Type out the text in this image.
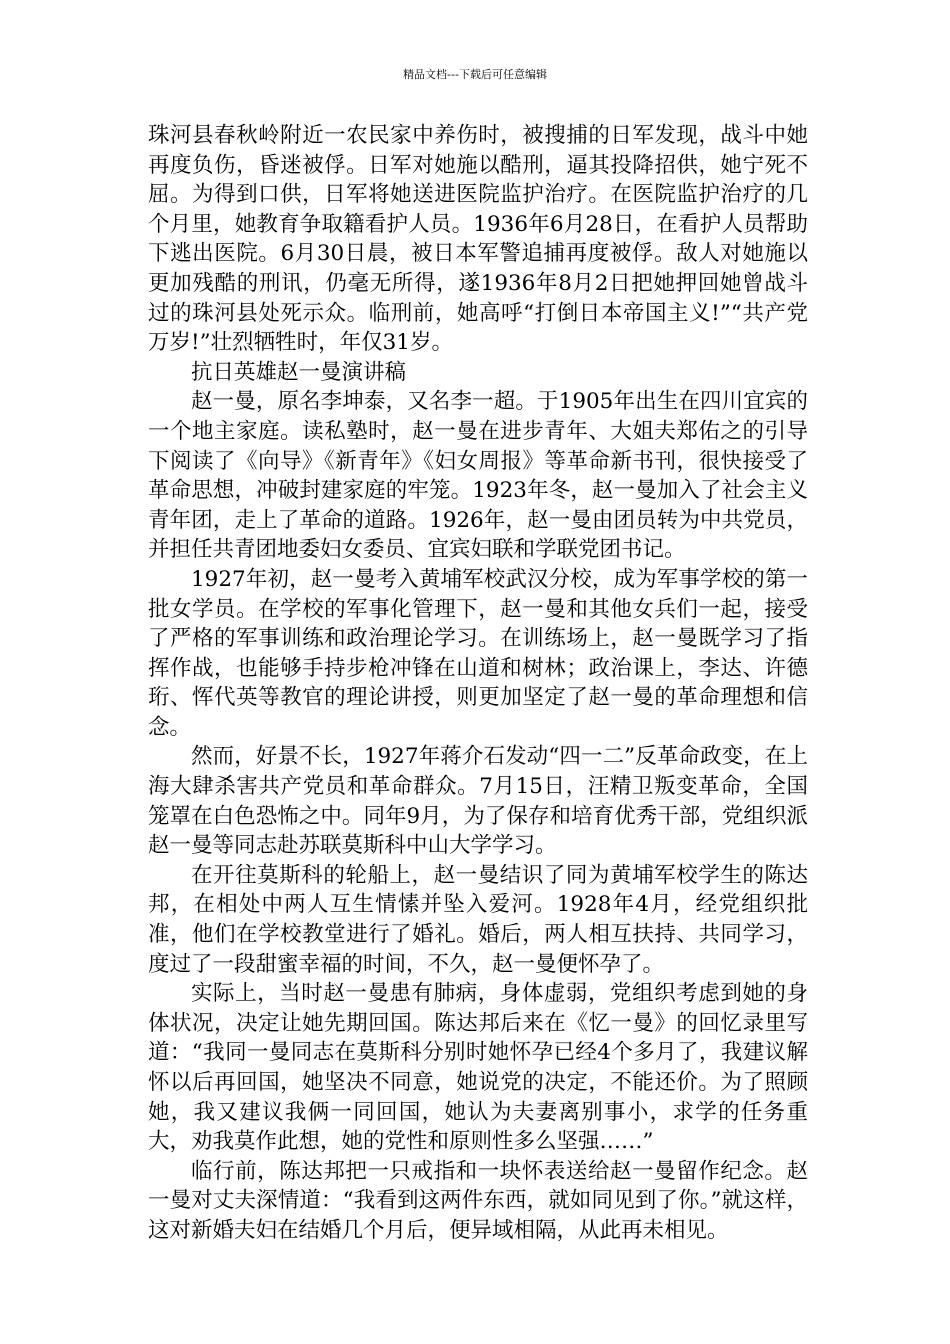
精品文档---下载后可任意编辑

珠河县春秋岭附近一农民家中养伤时，被搜捕的日军发现，战斗中她再度负伤，昏迷被俘。日军对她施以酷刑，逼其投降招供，她宁死不屈。为得到口供，日军将她送进医院监护治疗。在医院监护治疗的几个月里，她教育争取籍看护人员。1936年6月28日，在看护人员帮助下逃出医院。6月30日晨，被日本军警追捕再度被俘。敌人对她施以更加残酷的刑讯，仍毫无所得，遂1936年8月2日把她押回她曾战斗过的珠河县处死示众。临刑前，她高呼“打倒日本帝国主义!”“共产党万岁!”壮烈牺牲时，年仅31岁。

抗日英雄赵一曼演讲稿

赵一曼，原名李坤泰，又名李一超。于1905年出生在四川宜宾的一个地主家庭。读私塾时，赵一曼在进步青年、大姐夫郑佑之的引导下阅读了《向导》《新青年》《妇女周报》等革命新书刊，很快接受了革命思想，冲破封建家庭的牢笼。1923年冬，赵一曼加入了社会主义青年团，走上了革命的道路。1926年，赵一曼由团员转为中共党员，并担任共青团地委妇女委员、宜宾妇联和学联党团书记。

1927年初，赵一曼考入黄埔军校武汉分校，成为军事学校的第一批女学员。在学校的军事化管理下，赵一曼和其他女兵们一起，接受了严格的军事训练和政治理论学习。在训练场上，赵一曼既学习了指挥作战，也能够手持步枪冲锋在山道和树林；政治课上，李达、许德珩、恽代英等教官的理论讲授，则更加坚定了赵一曼的革命理想和信念。

然而，好景不长，1927年蒋介石发动“四一二”反革命政变，在上海大肆杀害共产党员和革命群众。7月15日，汪精卫叛变革命，全国笼罩在白色恐怖之中。同年9月，为了保存和培育优秀干部，党组织派赵一曼等同志赴苏联莫斯科中山大学学习。

在开往莫斯科的轮船上，赵一曼结识了同为黄埔军校学生的陈达邦，在相处中两人互生情愫并坠入爱河。1928年4月，经党组织批准，他们在学校教堂进行了婚礼。婚后，两人相互扶持、共同学习，度过了一段甜蜜幸福的时间，不久，赵一曼便怀孕了。

实际上，当时赵一曼患有肺病，身体虚弱，党组织考虑到她的身体状况，决定让她先期回国。陈达邦后来在《忆一曼》的回忆录里写道：“我同一曼同志在莫斯科分别时她怀孕已经4个多月了，我建议解怀以后再回国，她坚决不同意，她说党的决定，不能还价。为了照顾她，我又建议我俩一同回国，她认为夫妻离别事小，求学的任务重大，劝我莫作此想，她的党性和原则性多么坚强……”

临行前，陈达邦把一只戒指和一块怀表送给赵一曼留作纪念。赵一曼对丈夫深情道：“我看到这两件东西，就如同见到了你。”就这样，这对新婚夫妇在结婚几个月后，便异域相隔，从此再未相见。
